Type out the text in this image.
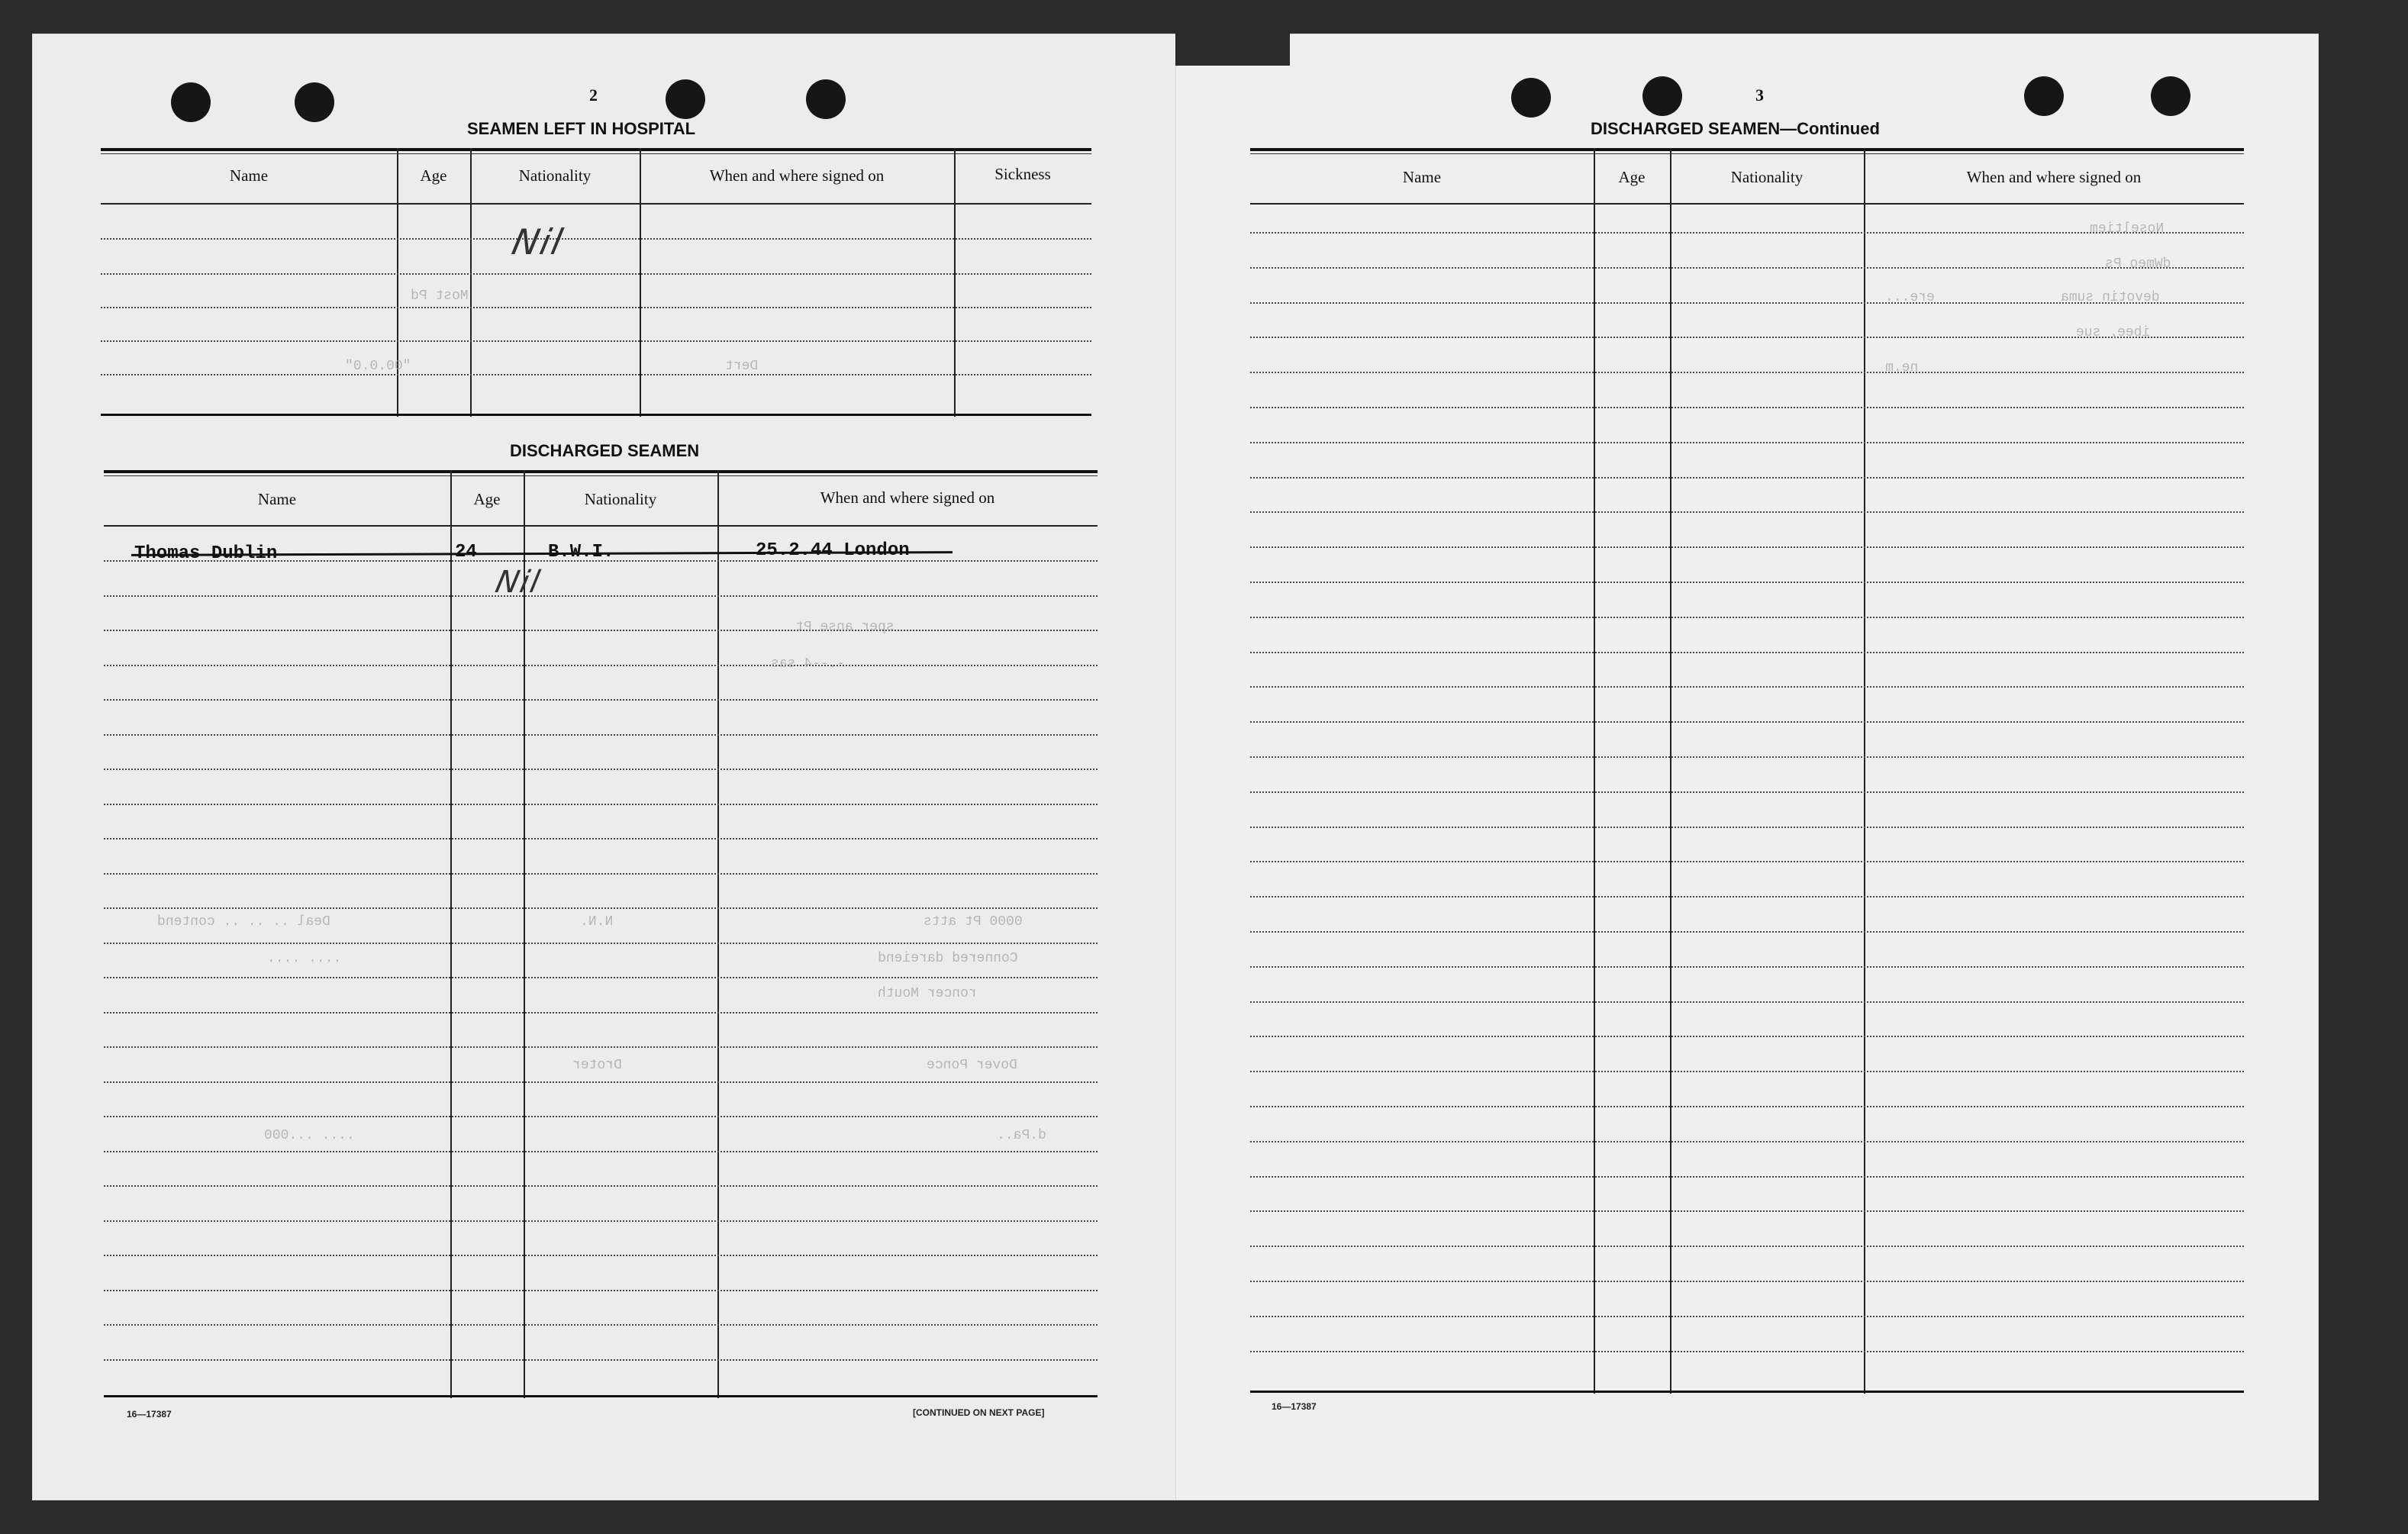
2
SEAMEN LEFT IN HOSPITAL
Name	Age	Nationality	When and where signed on	Sickness
Nil
Most Pd
"00.0.0"	Dert
DISCHARGED SEAMEN
Name	Age	Nationality	When and where signed on
Thomas Dublin	24	B.W.I.	25.2.44 London
Nil
sper anse Pt
-.--4 sas
Deal .. .. .. contend	N.N.	0000 Pt atts
.... ....	Connered dareiend
roncer Mouth
Dover Ponce
Droter
.... ...000	d.Pa..
16—17387	[CONTINUED ON NEXT PAGE]
3
DISCHARGED SEAMEN—Continued
Name	Age	Nationality	When and where signed on
Noseltiem
dWmeo Ps
devotin suma
ere...
ibee, sue
ne.m
16—17387
